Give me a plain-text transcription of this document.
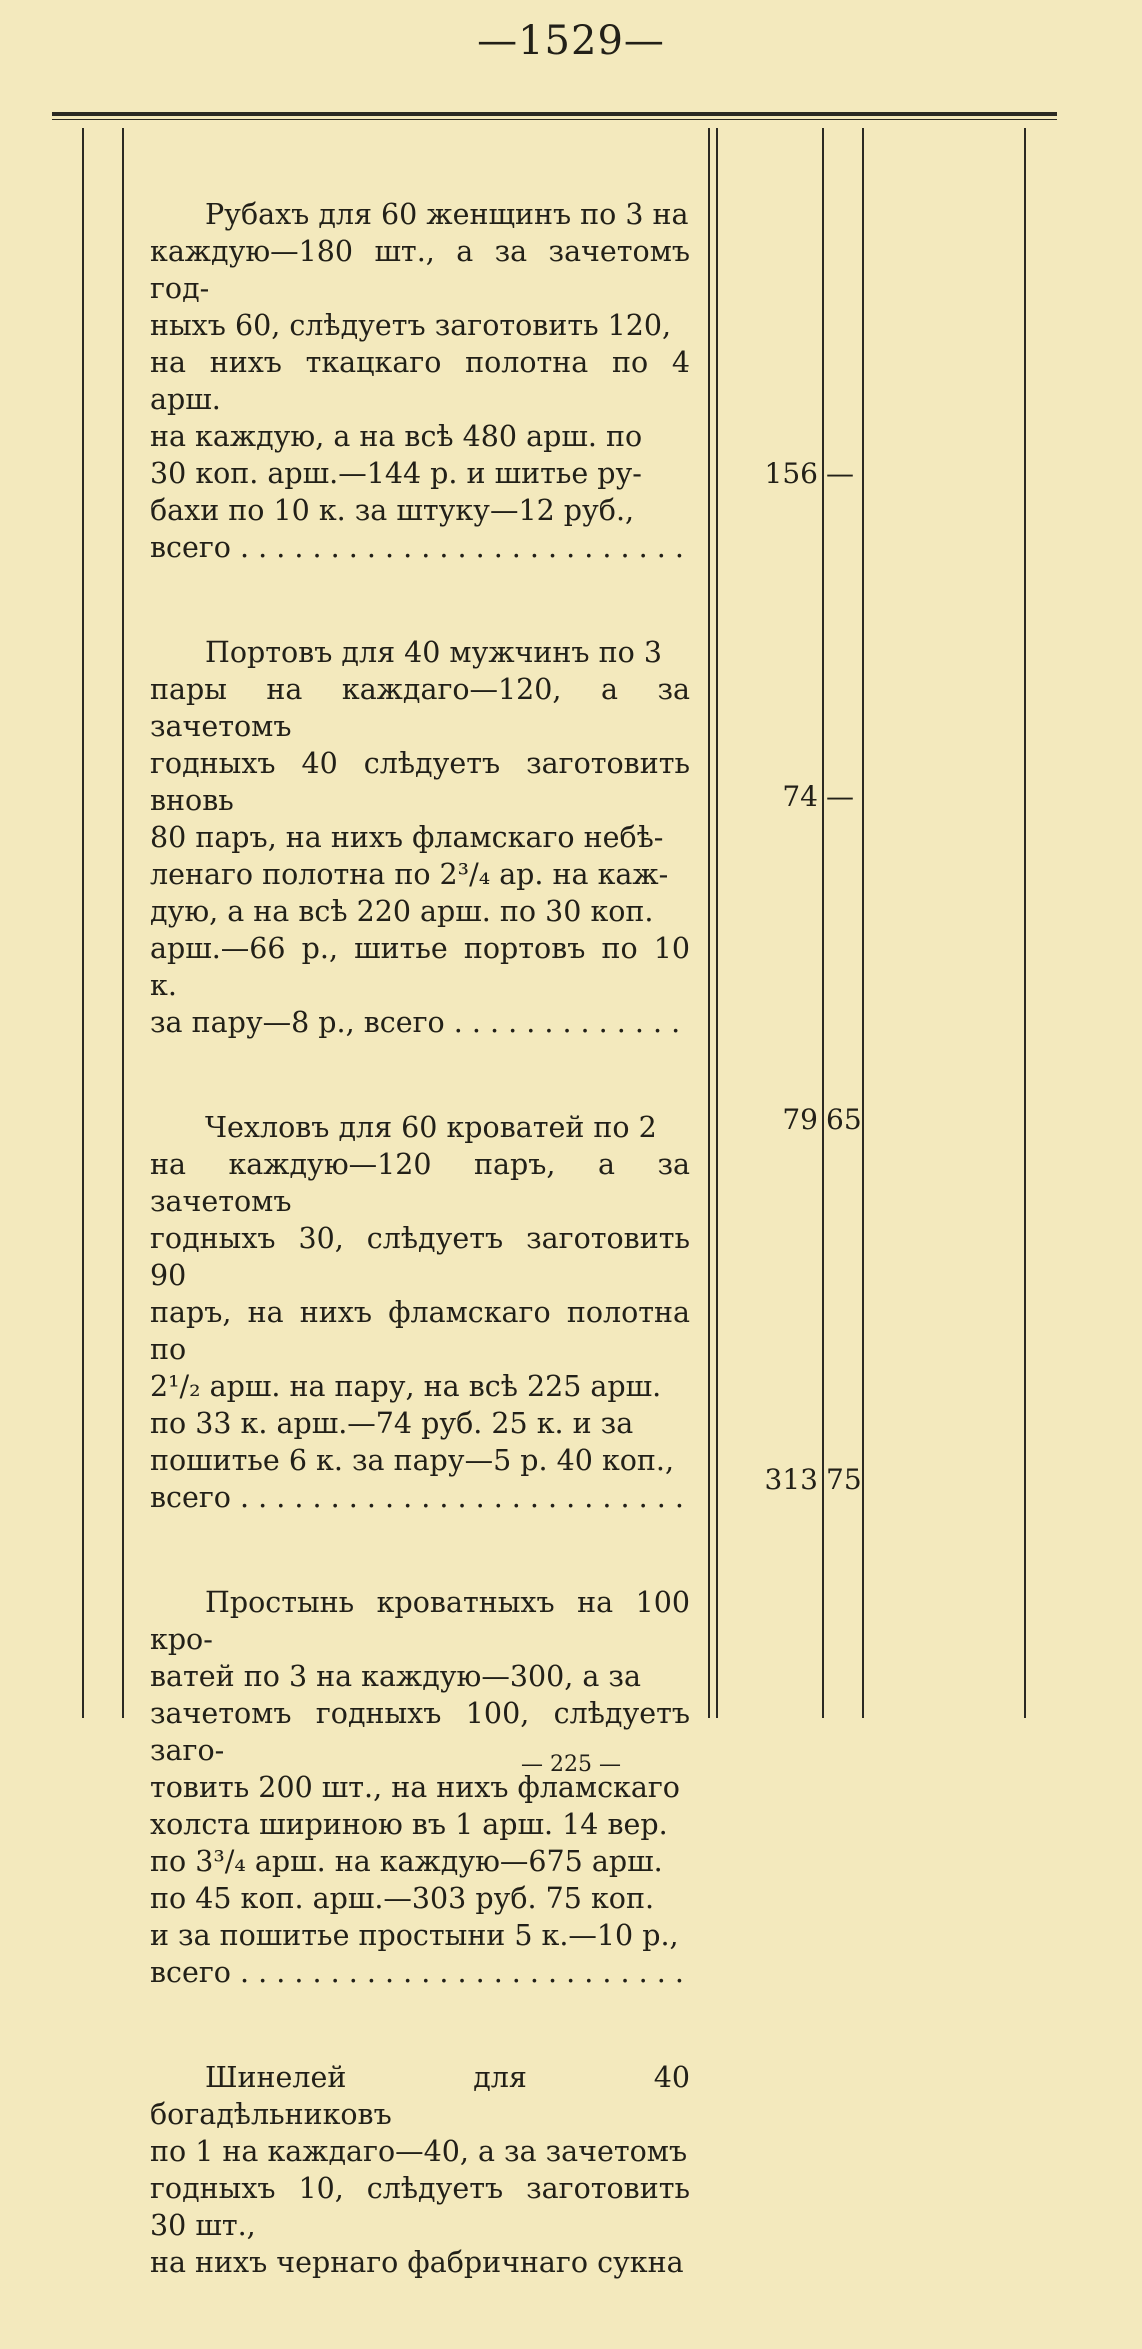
—1529—

Рубахъ для 60 женщинъ по 3 на

каждую—180 шт., а за зачетомъ год-

ныхъ 60, слѣдуетъ заготовить 120,

на нихъ ткацкаго полотна по 4 арш.

на каждую, а на всѣ 480 арш. по

30 коп. арш.—144 р. и шитье ру-

бахи по 10 к. за штуку—12 руб.,

всего . . .

Портовъ для 40 мужчинъ по 3

пары на каждаго—120, а за зачетомъ

годныхъ 40 слѣдуетъ заготовить вновь

80 паръ, на нихъ фламскаго небѣ-

ленаго полотна по 2³/₄ ар. на каж-

дую, а на всѣ 220 арш. по 30 коп.

арш.—66 р., шитье портовъ по 10 к.

за пару—8 р., всего . . .

Чехловъ для 60 кроватей по 2

на каждую—120 паръ, а за зачетомъ

годныхъ 30, слѣдуетъ заготовить 90

паръ, на нихъ фламскаго полотна по

2¹/₂ арш. на пару, на всѣ 225 арш.

по 33 к. арш.—74 руб. 25 к. и за

пошитье 6 к. за пару—5 р. 40 коп.,

всего . . .

Простынь кроватныхъ на 100 кро-

ватей по 3 на каждую—300, а за

зачетомъ годныхъ 100, слѣдуетъ заго-

товить 200 шт., на нихъ фламскаго

холста шириною въ 1 арш. 14 вер.

по 3³/₄ арш. на каждую—675 арш.

по 45 коп. арш.—303 руб. 75 коп.

и за пошитье простыни 5 к.—10 р.,

всего . . .

Шинелей для 40 богадѣльниковъ

по 1 на каждаго—40, а за зачетомъ

годныхъ 10, слѣдуетъ заготовить 30 шт.,

на нихъ чернаго фабричнаго сукна

156 —
74 —
79 65
313 75
— 225 —
